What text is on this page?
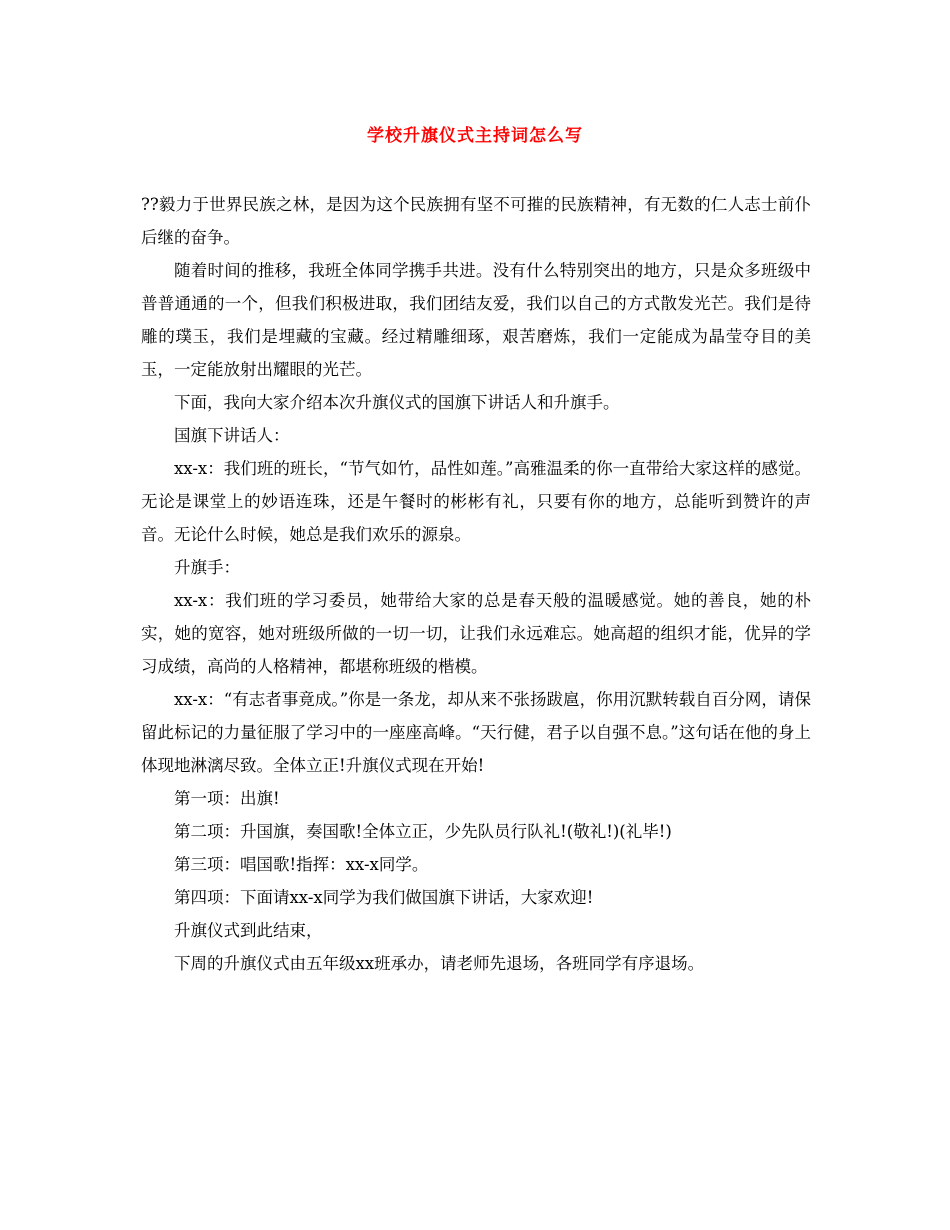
学校升旗仪式主持词怎么写

??毅力于世界民族之林，是因为这个民族拥有坚不可摧的民族精神，有无数的仁人志士前仆后继的奋争。

随着时间的推移，我班全体同学携手共进。没有什么特别突出的地方，只是众多班级中普普通通的一个，但我们积极进取，我们团结友爱，我们以自己的方式散发光芒。我们是待雕的璞玉，我们是埋藏的宝藏。经过精雕细琢，艰苦磨炼，我们一定能成为晶莹夺目的美玉，一定能放射出耀眼的光芒。

下面，我向大家介绍本次升旗仪式的国旗下讲话人和升旗手。

国旗下讲话人：

xx-x：我们班的班长，“节气如竹，品性如莲。”高雅温柔的你一直带给大家这样的感觉。无论是课堂上的妙语连珠，还是午餐时的彬彬有礼，只要有你的地方，总能听到赞许的声音。无论什么时候，她总是我们欢乐的源泉。

升旗手：

xx-x：我们班的学习委员，她带给大家的总是春天般的温暖感觉。她的善良，她的朴实，她的宽容，她对班级所做的一切一切，让我们永远难忘。她高超的组织才能，优异的学习成绩，高尚的人格精神，都堪称班级的楷模。

xx-x：“有志者事竟成。”你是一条龙，却从来不张扬跋扈，你用沉默转载自百分网，请保留此标记的力量征服了学习中的一座座高峰。“天行健，君子以自强不息。”这句话在他的身上体现地淋漓尽致。全体立正!升旗仪式现在开始!

第一项：出旗!

第二项：升国旗，奏国歌!全体立正，少先队员行队礼!(敬礼!)(礼毕!)

第三项：唱国歌!指挥：xx-x同学。

第四项：下面请xx-x同学为我们做国旗下讲话，大家欢迎!

升旗仪式到此结束，

下周的升旗仪式由五年级xx班承办，请老师先退场，各班同学有序退场。
